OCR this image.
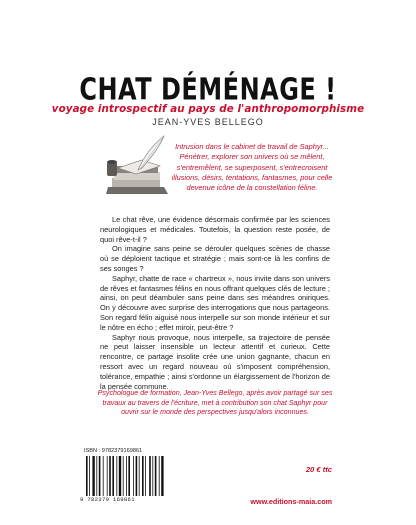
CHAT DÉMÉNAGE !
voyage introspectif au pays de l'anthropomorphisme
JEAN-YVES BELLEGO
Intrusion dans le cabinet de travail de Saphyr... Pénétrer, explorer son univers où se mêlent, s'entremêlent, se superposent, s'entrecroisent illusions, désirs, tentations, fantasmes, pour celle devenue icône de la constellation féline.

Le chat rêve, une évidence désormais confirmée par les sciences neurologiques et médicales. Toutefois, la question reste posée, de quoi rêve-t-il ?

On imagine sans peine se dérouler quelques scènes de chasse où se déploient tactique et stratégie ; mais sont-ce là les confins de ses songes ?

Saphyr, chatte de race « chartreux », nous invite dans son univers de rêves et fantasmes félins en nous offrant quelques clés de lecture ; ainsi, on peut déambuler sans peine dans ses méandres oniriques. On y découvre avec surprise des interrogations que nous partageons. Son regard félin aiguisé nous interpelle sur son monde intérieur et sur le nôtre en écho ; effet miroir, peut-être ?

Saphyr nous provoque, nous interpelle, sa trajectoire de pensée ne peut laisser insensible un lecteur attentif et curieux. Cette rencontre, ce partage insolite crée une union gagnante, chacun en ressort avec un regard nouveau où s'imposent compréhension, tolérance, empathie ; ainsi s'ordonne un élargissement de l'horizon de la pensée commune.

Psychologue de formation, Jean-Yves Bellego, après avoir partagé sur ses travaux au travers de l'écriture, met à contribution son chat Saphyr pour ouvrir sur le monde des perspectives jusqu'alors inconnues.
ISBN : 9782379169861
9 782379 169861
20 € ttc
www.editions-maia.com
